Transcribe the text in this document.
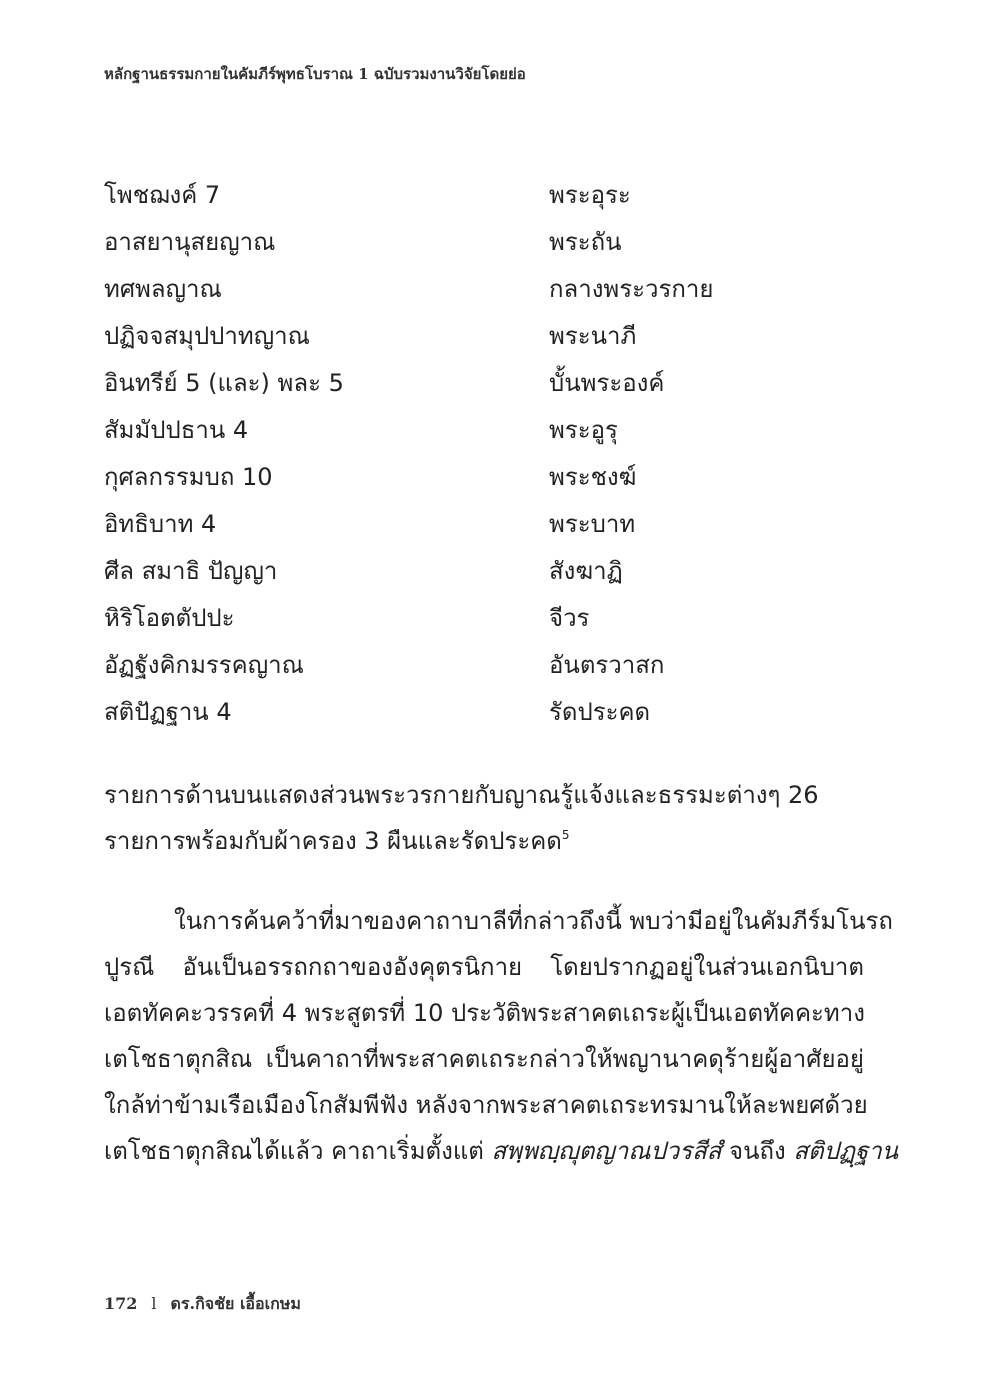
หลักฐานธรรมกายในคัมภีร์พุทธโบราณ 1 ฉบับรวมงานวิจัยโดยย่อ
โพชฌงค์ 7	พระอุระ
อาสยานุสยญาณ	พระถัน
ทศพลญาณ	กลางพระวรกาย
ปฏิจจสมุปปาทญาณ	พระนาภี
อินทรีย์ 5 (และ) พละ 5	บั้นพระองค์
สัมมัปปธาน 4	พระอูรุ
กุศลกรรมบถ 10	พระชงฆ์
อิทธิบาท 4	พระบาท
ศีล สมาธิ ปัญญา	สังฆาฏิ
หิริโอตตัปปะ	จีวร
อัฏฐังคิกมรรคญาณ	อันตรวาสก
สติปัฏฐาน 4	รัดประคด
รายการด้านบนแสดงส่วนพระวรกายกับญาณรู้แจ้งและธรรมะต่างๆ 26 รายการพร้อมกับผ้าครอง 3 ผืนและรัดประคด$^5$
ในการค้นคว้าที่มาของคาถาบาลีที่กล่าวถึงนี้ พบว่ามีอยู่ในคัมภีร์มโนรถ
ปูรณี อันเป็นอรรถกถาของอังคุตรนิกาย โดยปรากฏอยู่ในส่วนเอกนิบาต
เอตทัคคะวรรคที่ 4 พระสูตรที่ 10 ประวัติพระสาคตเถระผู้เป็นเอตทัคคะทาง
เตโชธาตุกสิณ เป็นคาถาที่พระสาคตเถระกล่าวให้พญานาคดุร้ายผู้อาศัยอยู่
ใกล้ท่าข้ามเรือเมืองโกสัมพีฟัง หลังจากพระสาคตเถระทรมานให้ละพยศด้วย
เตโชธาตุกสิณได้แล้ว คาถาเริ่มตั้งแต่ สพฺพญฺญุตญาณปวรสีสํ จนถึง สติปฏฺฐาน
172 l ดร.กิจชัย เอื้อเกษม
